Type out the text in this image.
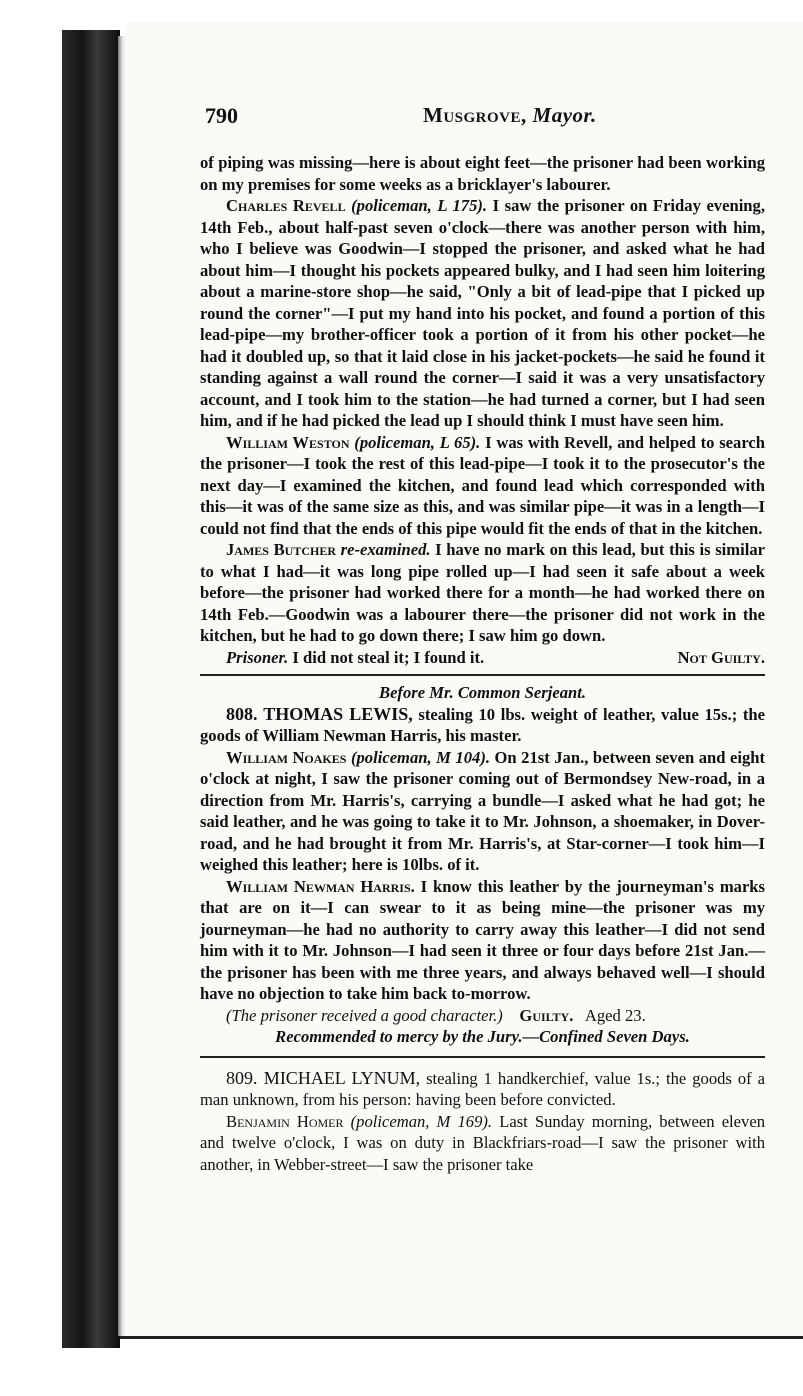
790	Musgrove, Mayor.

of piping was missing—here is about eight feet—the prisoner had been working on my premises for some weeks as a bricklayer's labourer.

Charles Revell (policeman, L 175). I saw the prisoner on Friday evening, 14th Feb., about half-past seven o'clock—there was another person with him, who I believe was Goodwin—I stopped the prisoner, and asked what he had about him—I thought his pockets appeared bulky, and I had seen him loitering about a marine-store shop—he said, "Only a bit of lead-pipe that I picked up round the corner"—I put my hand into his pocket, and found a portion of this lead-pipe—my brother-officer took a portion of it from his other pocket—he had it doubled up, so that it laid close in his jacket-pockets—he said he found it standing against a wall round the corner—I said it was a very unsatisfactory account, and I took him to the station—he had turned a corner, but I had seen him, and if he had picked the lead up I should think I must have seen him.

William Weston (policeman, L 65). I was with Revell, and helped to search the prisoner—I took the rest of this lead-pipe—I took it to the prosecutor's the next day—I examined the kitchen, and found lead which corresponded with this—it was of the same size as this, and was similar pipe—it was in a length—I could not find that the ends of this pipe would fit the ends of that in the kitchen.

James Butcher re-examined. I have no mark on this lead, but this is similar to what I had—it was long pipe rolled up—I had seen it safe about a week before—the prisoner had worked there for a month—he had worked there on 14th Feb.—Goodwin was a labourer there—the prisoner did not work in the kitchen, but he had to go down there; I saw him go down.

Prisoner. I did not steal it; I found it.	Not Guilty.

Before Mr. Common Serjeant.

808. THOMAS LEWIS, stealing 10 lbs. weight of leather, value 15s.; the goods of William Newman Harris, his master.

William Noakes (policeman, M 104). On 21st Jan., between seven and eight o'clock at night, I saw the prisoner coming out of Bermondsey New-road, in a direction from Mr. Harris's, carrying a bundle—I asked what he had got; he said leather, and he was going to take it to Mr. Johnson, a shoemaker, in Dover-road, and he had brought it from Mr. Harris's, at Star-corner—I took him—I weighed this leather; here is 10lbs. of it.

William Newman Harris. I know this leather by the journeyman's marks that are on it—I can swear to it as being mine—the prisoner was my journeyman—he had no authority to carry away this leather—I did not send him with it to Mr. Johnson—I had seen it three or four days before 21st Jan.—the prisoner has been with me three years, and always behaved well—I should have no objection to take him back to-morrow.

(The prisoner received a good character.) Guilty. Aged 23.

Recommended to mercy by the Jury.—Confined Seven Days.

809. MICHAEL LYNUM, stealing 1 handkerchief, value 1s.; the goods of a man unknown, from his person: having been before convicted.

Benjamin Homer (policeman, M 169). Last Sunday morning, between eleven and twelve o'clock, I was on duty in Blackfriars-road—I saw the prisoner with another, in Webber-street—I saw the prisoner take
